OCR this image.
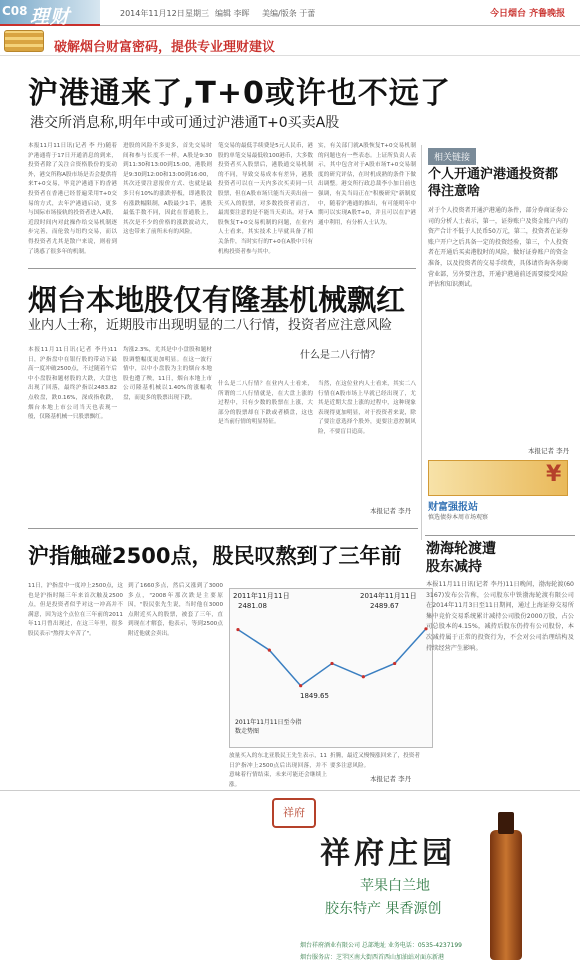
C08 理财	2014年11月12日 星期三 编辑 李晖 美编/版条 于蕾	今日烟台 齐鲁晚报
破解烟台财富密码，提供专业理财建议
沪港通来了,T+0或许也不远了
港交所消息称,明年中或可通过沪港通T+0买卖A股
本报11月11日讯(记者 李 丹)随着沪港通将于17日开通消息的到来，投资者除了关注合资格股份的变动外，港交所称A股市场是否会提供将来T+0交易，毕竟沪港通下的香港投资者在香港已经普遍采用T+0交易的方式，去年沪港通启动，更多与国际市场接轨的投资者进入A股，近段时间内对此操作给交易机制逐步完善，而伦敦与纽约交易，而以得投资者尤其是散户来说，则看到了诱惑了很多年的机制。
进股的风险不多更多，首先交易时间和参与长度不一样，A股是9:30到11:30和13:00到15:00，港股则是9:30到12:00和13:00到16:00，其次还要注意报价方式、也就是最多只有10%的涨跌停板，即港股没有涨跌幅限制，A股最少1手，港股最低手数不同，因此在普通股上，其次是不少的价格的涨跌波动大，这也带来了前所未有的风险。
笔交易的最低手续费是5元人民币，港股的单笔交易最低收100港币，大多数投资者买入股票后，港股通交易机制的不同，导致交易成本有差异，港股投资者可以在一天内多次买卖同一只股票，但在A股市场只能当天卖出前一天买入的股票，对多数投资者而言，最需要注意的是不能当天卖出。对于A股恢复T+0交易机制的问题，在业内人士看来，其实技术上早就具备了相关条件，当时实行的T+0在A股中只有机构投资者参与其中。
实，有关部门就A股恢复T+0交易机制的问题也有一些表态。上证所负责人表示，其中包含对于A股市场T+0交易制度的研究评估，在时机成熟的条件下做出调整。港交所行政总裁李小加日前也强调，有关当局正在"积极研究"新制度中，随着沪港通的推出，有可能明年中期可以实现A股T+0，并且可以在沪港通中利用，有分析人士认为。
相关链接
个人开通沪港通投资都得注意啥
对于个人投资者开通沪港通的条件，部分券商证券公司的分析人士表示，第一，证券账户及资金账户内的资产合计不低于人民币50万元，第二，投资者在证券账户开户之后具备一定的投资经验，第三，个人投资者在开通后买卖港股时的风险，做好证券账户的资金准备，以及投资者的交易手续费，具体请咨询各券商营业部，另外要注意，开通沪港通前还需要接受风险评估和知识测试。
本报记者 李丹
¥
财富强报站
慎选债券本周市场观察
烟台本地股仅有隆基机械飘红
业内人士称，近期股市出现明显的二八行情，投资者应注意风险
本报11月11日讯(记者 李丹)11日，沪指盘中在银行股的带动下最高一度冲破2500点，不过随着午后中小盘股和题材股的大跌，大盘也出现了回落，最终沪指以2483.82点收盘，跌0.16%，深成指收跌，烟台本地上市公司当天也表现一般，仅隆基机械一只股票飘红。
均涨2.3%，尤其是中小盘股和题材股调整幅度更加明显。在这一波行情中，以中小盘股为主的烟台本地股也遭了殃，11日，烟台本地上市公司隆基机械以1.40%的涨幅收盘，而更多的股票出现下跌。
什么是二八行情？
什么是二八行情？在业内人士看来，所谓的二八行情就是，在大盘上涨的过程中，只有少数的股票在上涨，大部分的股票却在下跌或者横盘，这也是当前行情的明显特征。
当然，在这位业内人士看来，其实二八行情在A股市场上早就已经出现了，尤其是近期大盘上涨的过程中，这种现象表现得更加明显，对于投资者来说，除了要注意选择个股外，更要注意控制风险，不要盲目追高。
本报记者 李丹
沪指触碰2500点，股民叹熬到了三年前
11日，沪指盘中一度冲上2500点，这也是沪指时隔三年来首次触及2500点，但是投资者似乎对这一冲高并不满意，因为这个点位在三年前的2011年11月曾出现过，在这三年里，很多股民表示"熬得太辛苦了"。
到了1660多点，然后又涨到了3000多点，"2008年那次跌是主要原因，"股民张先生说，当时他在3000点附近买入的股票，被套了三年，直到现在才解套，他表示，等到2500点附近他就会卖出。
放量买入的东北亚股民王先生表示，11日沪指冲上2500点后出现回落，并不意味着行情结束，未来可能还会继续上涨。
折腾，最近又慢慢涨回来了，投资者要多注意风险。
本报记者 李丹
2011年11月11日
2481.08
2014年11月11日
2489.67
1849.65
2011年11月11日至今指数走势图
渤海轮渡遭股东减持
本报11月11日讯(记者 李丹)11日晚间，渤海轮渡(603167)发布公告称，公司股东中铁渤海轮渡有限公司在2014年11月3日至11日期间，通过上海证券交易所集中竞价交易系统累计减持公司股份2000万股，占公司总股本的4.15%，减持后股东仍持有公司股份，本次减持属于正常的投资行为，不会对公司治理结构及持续经营产生影响。
祥府
祥府庄园
苹果白兰地
胶东特产 果香源创
烟台祥府酒业有限公司 总部地址 业务电话：0535-4237199
烟台服务店：芝罘区南大街西首西山加油站对面东新港
